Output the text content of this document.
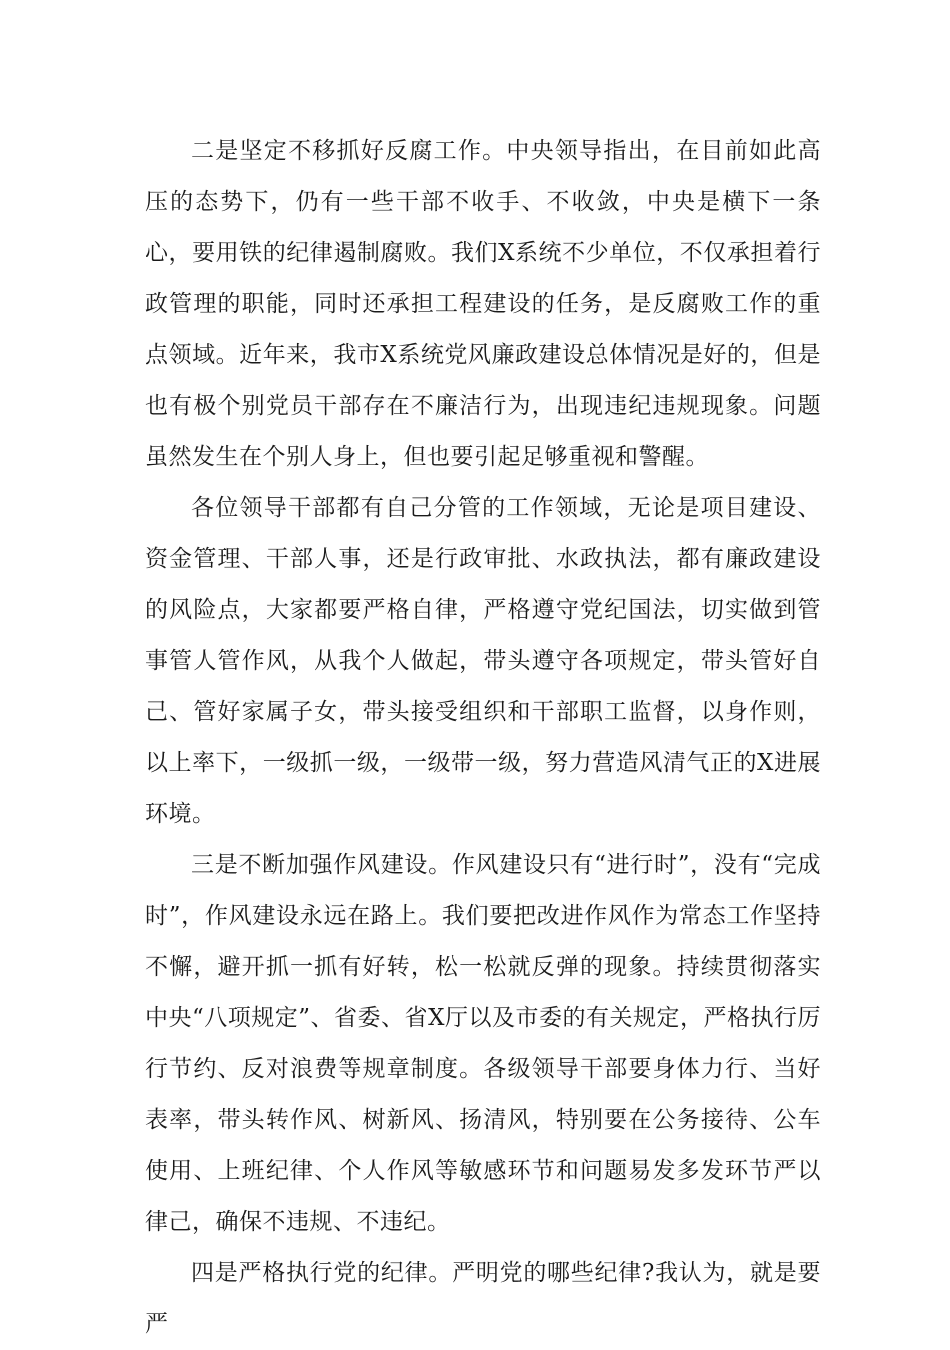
二是坚定不移抓好反腐工作。中央领导指出，在目前如此高压的态势下，仍有一些干部不收手、不收敛，中央是横下一条心，要用铁的纪律遏制腐败。我们X系统不少单位，不仅承担着行政管理的职能，同时还承担工程建设的任务，是反腐败工作的重点领域。近年来，我市X系统党风廉政建设总体情况是好的，但是也有极个别党员干部存在不廉洁行为，出现违纪违规现象。问题虽然发生在个别人身上，但也要引起足够重视和警醒。

各位领导干部都有自己分管的工作领域，无论是项目建设、资金管理、干部人事，还是行政审批、水政执法，都有廉政建设的风险点，大家都要严格自律，严格遵守党纪国法，切实做到管事管人管作风，从我个人做起，带头遵守各项规定，带头管好自己、管好家属子女，带头接受组织和干部职工监督，以身作则，以上率下，一级抓一级，一级带一级，努力营造风清气正的X进展环境。

三是不断加强作风建设。作风建设只有“进行时”，没有“完成时”，作风建设永远在路上。我们要把改进作风作为常态工作坚持不懈，避开抓一抓有好转，松一松就反弹的现象。持续贯彻落实中央“八项规定”、省委、省X厅以及市委的有关规定，严格执行厉行节约、反对浪费等规章制度。各级领导干部要身体力行、当好表率，带头转作风、树新风、扬清风，特别要在公务接待、公车使用、上班纪律、个人作风等敏感环节和问题易发多发环节严以律己，确保不违规、不违纪。

四是严格执行党的纪律。严明党的哪些纪律?我认为，就是要严
